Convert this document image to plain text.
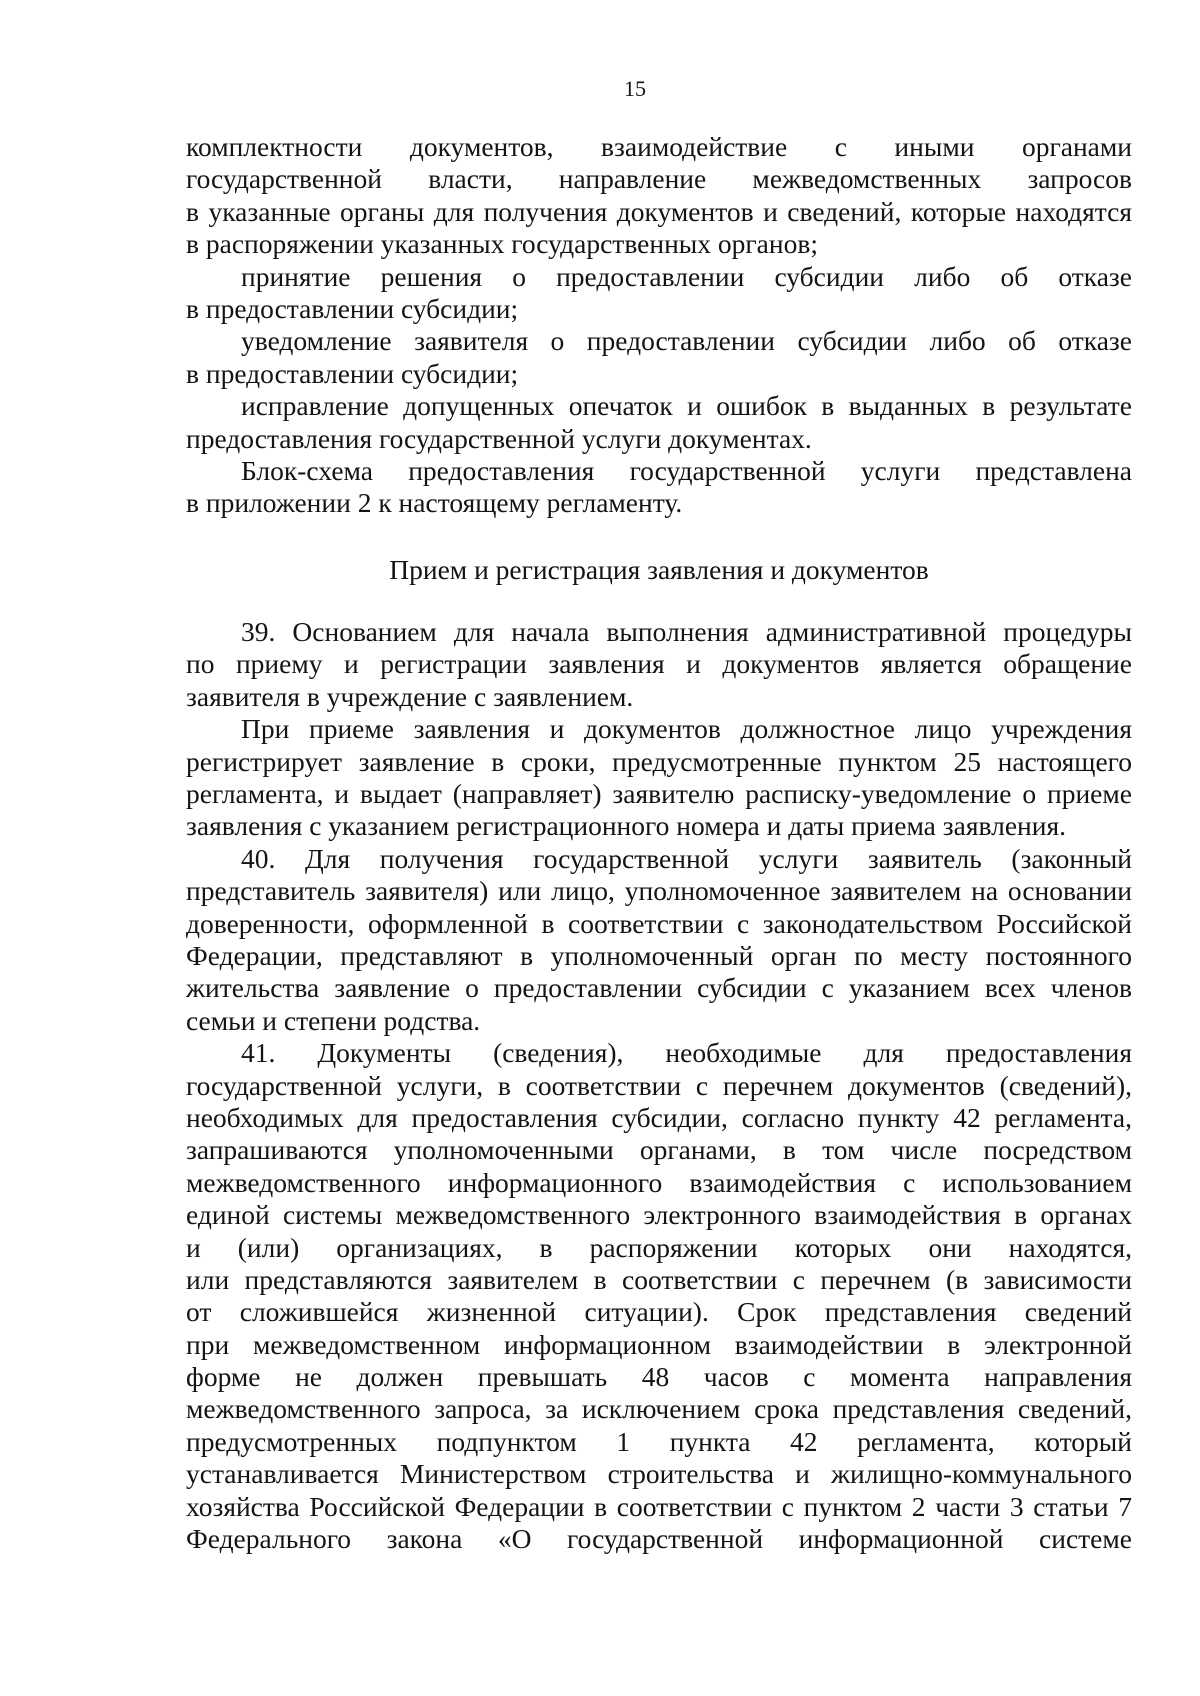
15
комплектности документов, взаимодействие с иными органами
государственной власти, направление межведомственных запросов
в указанные органы для получения документов и сведений, которые находятся
в распоряжении указанных государственных органов;
принятие решения о предоставлении субсидии либо об отказе
в предоставлении субсидии;
уведомление заявителя о предоставлении субсидии либо об отказе
в предоставлении субсидии;
исправление допущенных опечаток и ошибок в выданных в результате
предоставления государственной услуги документах.
Блок-схема предоставления государственной услуги представлена
в приложении 2 к настоящему регламенту.
Прием и регистрация заявления и документов
39. Основанием для начала выполнения административной процедуры
по приему и регистрации заявления и документов является обращение
заявителя в учреждение с заявлением.
При приеме заявления и документов должностное лицо учреждения
регистрирует заявление в сроки, предусмотренные пунктом 25 настоящего
регламента, и выдает (направляет) заявителю расписку-уведомление о приеме
заявления с указанием регистрационного номера и даты приема заявления.
40. Для получения государственной услуги заявитель (законный
представитель заявителя) или лицо, уполномоченное заявителем на основании
доверенности, оформленной в соответствии с законодательством Российской
Федерации, представляют в уполномоченный орган по месту постоянного
жительства заявление о предоставлении субсидии с указанием всех членов
семьи и степени родства.
41. Документы (сведения), необходимые для предоставления
государственной услуги, в соответствии с перечнем документов (сведений),
необходимых для предоставления субсидии, согласно пункту 42 регламента,
запрашиваются уполномоченными органами, в том числе посредством
межведомственного информационного взаимодействия с использованием
единой системы межведомственного электронного взаимодействия в органах
и (или) организациях, в распоряжении которых они находятся,
или представляются заявителем в соответствии с перечнем (в зависимости
от сложившейся жизненной ситуации). Срок представления сведений
при межведомственном информационном взаимодействии в электронной
форме не должен превышать 48 часов с момента направления
межведомственного запроса, за исключением срока представления сведений,
предусмотренных подпунктом 1 пункта 42 регламента, который
устанавливается Министерством строительства и жилищно-коммунального
хозяйства Российской Федерации в соответствии с пунктом 2 части 3 статьи 7
Федерального закона «О государственной информационной системе
